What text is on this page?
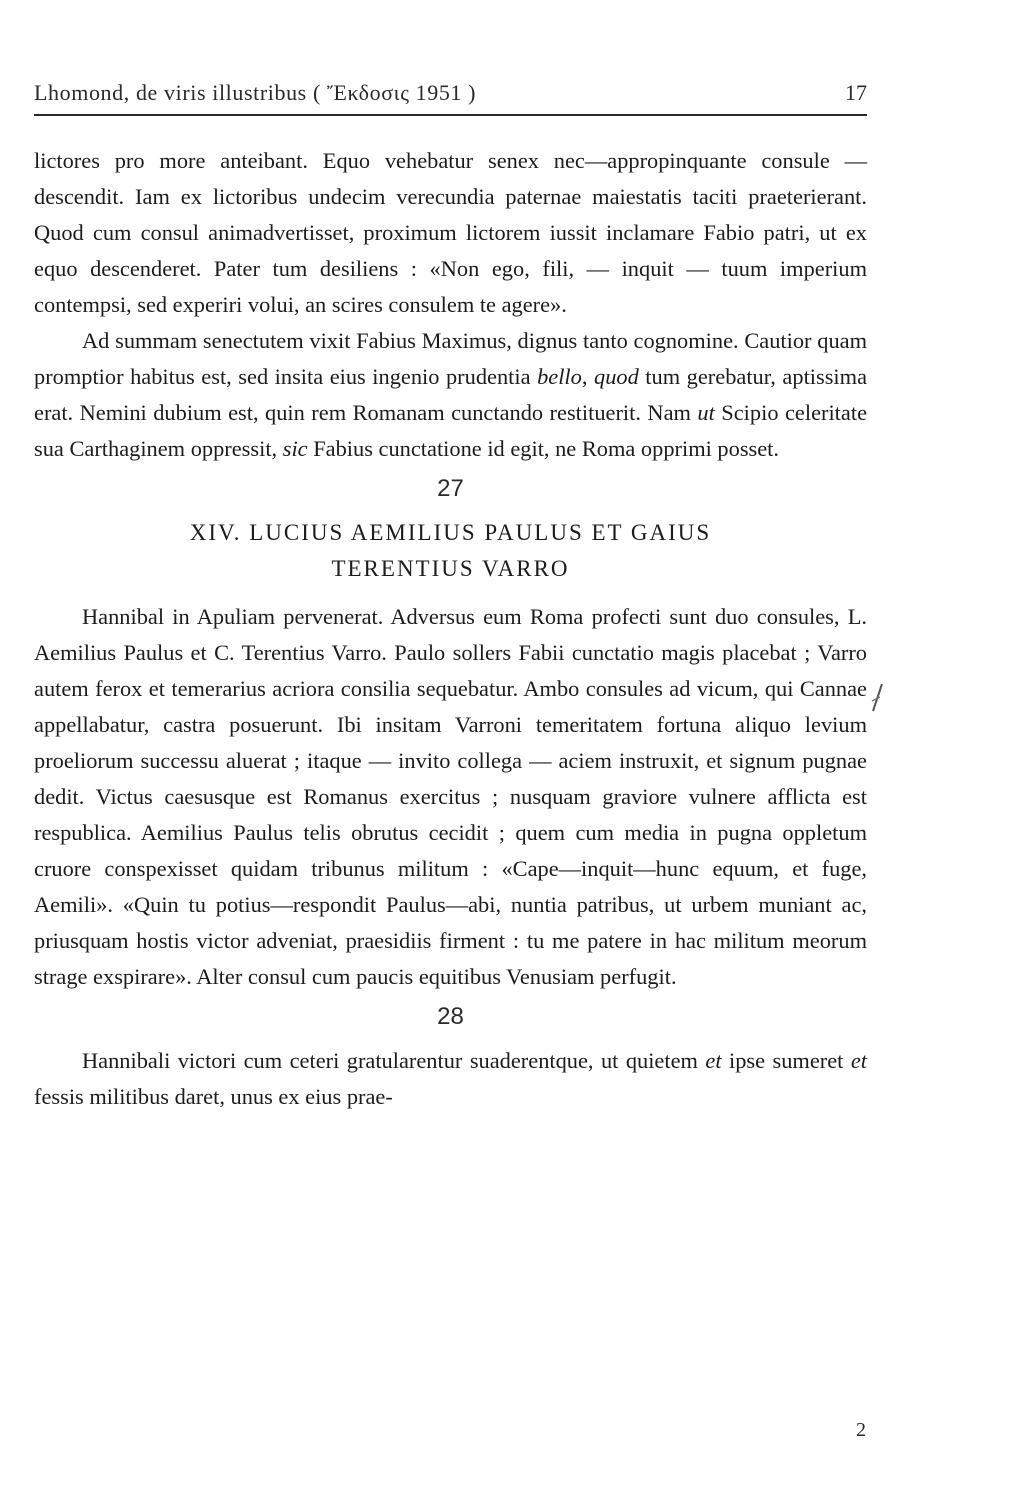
Lhomond, de viris illustribus ( Ἔκδοσις 1951 )	17

lictores pro more anteibant. Equo vehebatur senex nec—appropinquante consule — descendit. Iam ex lictoribus undecim verecundia paternae maiestatis taciti praeterierant. Quod cum consul animadvertisset, proximum lictorem iussit inclamare Fabio patri, ut ex equo descenderet. Pater tum desiliens : «Non ego, fili, — inquit — tuum imperium contempsi, sed experiri volui, an scires consulem te agere».

Ad summam senectutem vixit Fabius Maximus, dignus tanto cognomine. Cautior quam promptior habitus est, sed insita eius ingenio prudentia bello, quod tum gerebatur, aptissima erat. Nemini dubium est, quin rem Romanam cunctando restituerit. Nam ut Scipio celeritate sua Carthaginem oppressit, sic Fabius cunctatione id egit, ne Roma opprimi posset.

27
XIV. LUCIUS AEMILIUS PAULUS ET GAIUS
TERENTIUS VARRO

Hannibal in Apuliam pervenerat. Adversus eum Roma profecti sunt duo consules, L. Aemilius Paulus et C. Terentius Varro. Paulo sollers Fabii cunctatio magis placebat ; Varro autem ferox et temerarius acriora consilia sequebatur. Ambo consules ad vicum, qui Cannae appellabatur, castra posuerunt. Ibi insitam Varroni temeritatem fortuna aliquo levium proeliorum successu aluerat ; itaque — invito collega — aciem instruxit, et signum pugnae dedit. Victus caesusque est Romanus exercitus ; nusquam graviore vulnere afflicta est respublica. Aemilius Paulus telis obrutus cecidit ; quem cum media in pugna oppletum cruore conspexisset quidam tribunus militum : «Cape—inquit—hunc equum, et fuge, Aemili». «Quin tu potius—respondit Paulus—abi, nuntia patribus, ut urbem muniant ac, priusquam hostis victor adveniat, praesidiis firment : tu me patere in hac militum meorum strage exspirare». Alter consul cum paucis equitibus Venusiam perfugit.

28

Hannibali victori cum ceteri gratularentur suaderentque, ut quietem et ipse sumeret et fessis militibus daret, unus ex eius prae-

2
